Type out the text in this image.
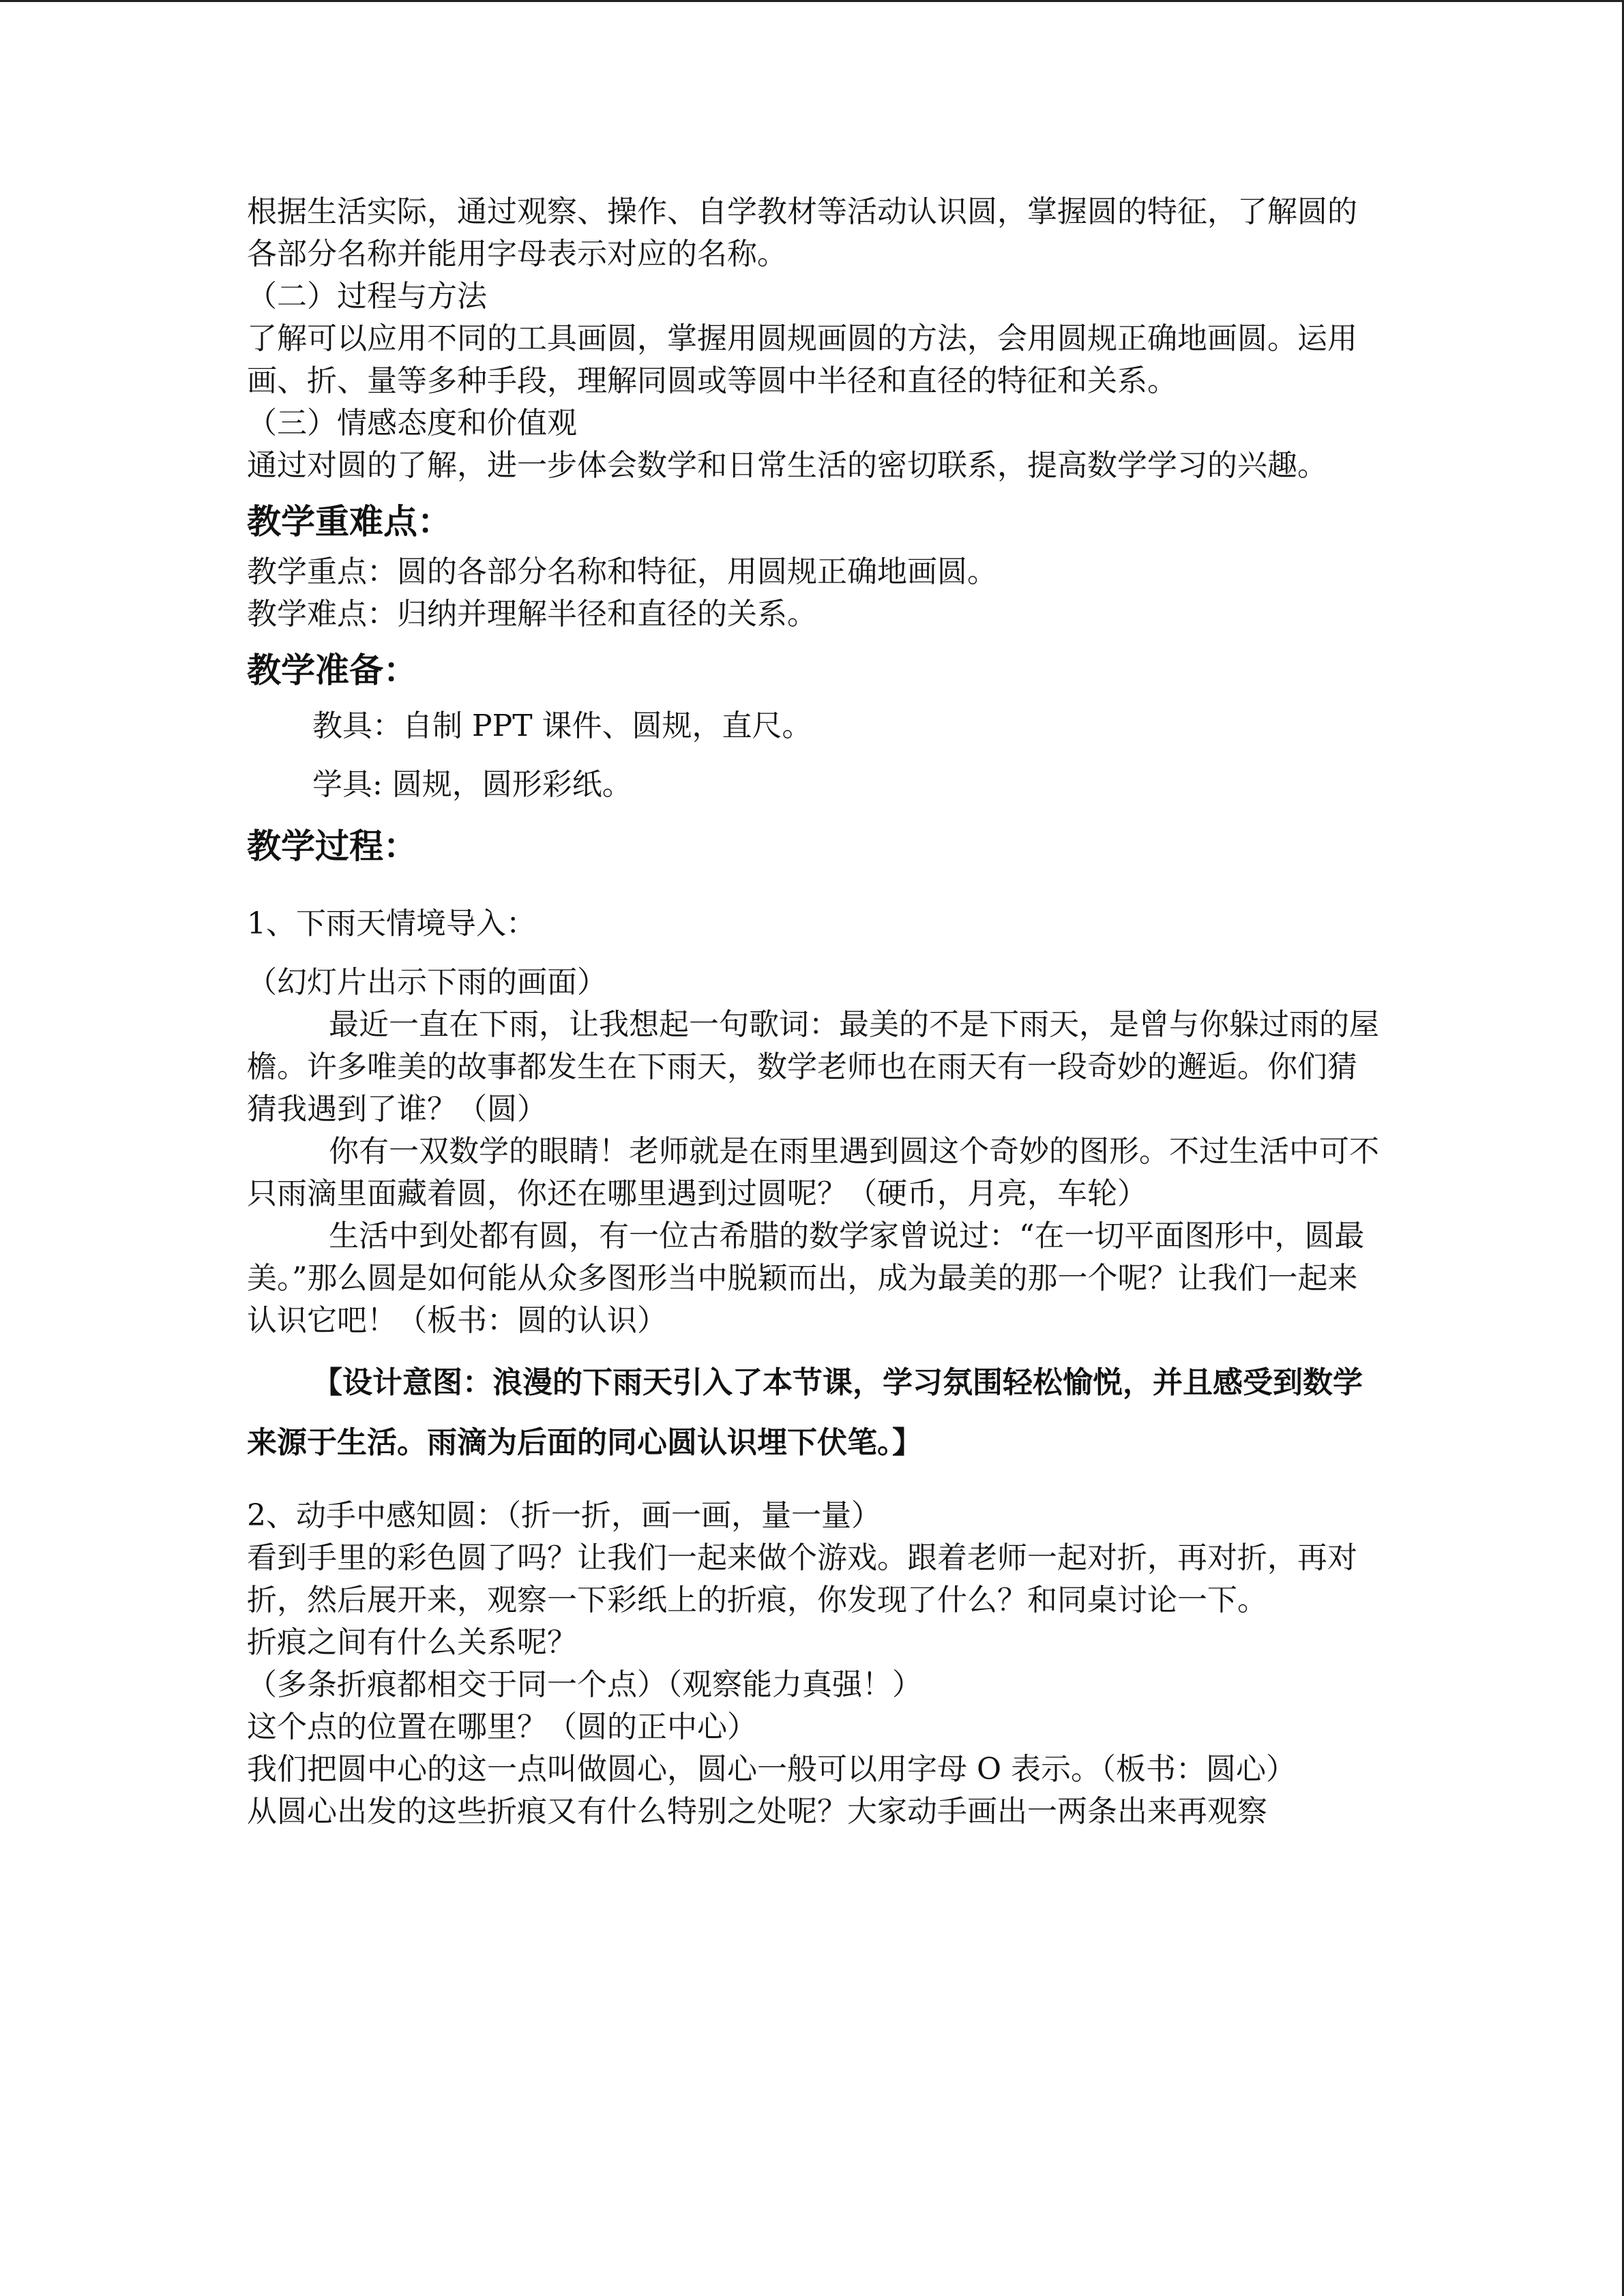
根据生活实际，通过观察、操作、自学教材等活动认识圆，掌握圆的特征，了解圆的各部分名称并能用字母表示对应的名称。

（二）过程与方法

了解可以应用不同的工具画圆，掌握用圆规画圆的方法，会用圆规正确地画圆。运用画、折、量等多种手段，理解同圆或等圆中半径和直径的特征和关系。

（三）情感态度和价值观

通过对圆的了解，进一步体会数学和日常生活的密切联系，提高数学学习的兴趣。

教学重难点：

教学重点：圆的各部分名称和特征，用圆规正确地画圆。

教学难点：归纳并理解半径和直径的关系。

教学准备：

教具：自制 PPT 课件、圆规，直尺。

学具: 圆规，圆形彩纸。

教学过程：

1、下雨天情境导入：

（幻灯片出示下雨的画面）

最近一直在下雨，让我想起一句歌词：最美的不是下雨天，是曾与你躲过雨的屋檐。许多唯美的故事都发生在下雨天，数学老师也在雨天有一段奇妙的邂逅。你们猜猜我遇到了谁？（圆）

你有一双数学的眼睛！老师就是在雨里遇到圆这个奇妙的图形。不过生活中可不只雨滴里面藏着圆，你还在哪里遇到过圆呢？（硬币，月亮，车轮）

生活中到处都有圆，有一位古希腊的数学家曾说过：“在一切平面图形中，圆最美。”那么圆是如何能从众多图形当中脱颖而出，成为最美的那一个呢？让我们一起来认识它吧！（板书：圆的认识）

【设计意图：浪漫的下雨天引入了本节课，学习氛围轻松愉悦，并且感受到数学来源于生活。雨滴为后面的同心圆认识埋下伏笔。】

2、动手中感知圆：（折一折，画一画，量一量）

看到手里的彩色圆了吗？让我们一起来做个游戏。跟着老师一起对折，再对折，再对折，然后展开来，观察一下彩纸上的折痕，你发现了什么？和同桌讨论一下。

折痕之间有什么关系呢？

（多条折痕都相交于同一个点）（观察能力真强！）

这个点的位置在哪里？（圆的正中心）

我们把圆中心的这一点叫做圆心，圆心一般可以用字母 O 表示。（板书：圆心）

从圆心出发的这些折痕又有什么特别之处呢？大家动手画出一两条出来再观察
